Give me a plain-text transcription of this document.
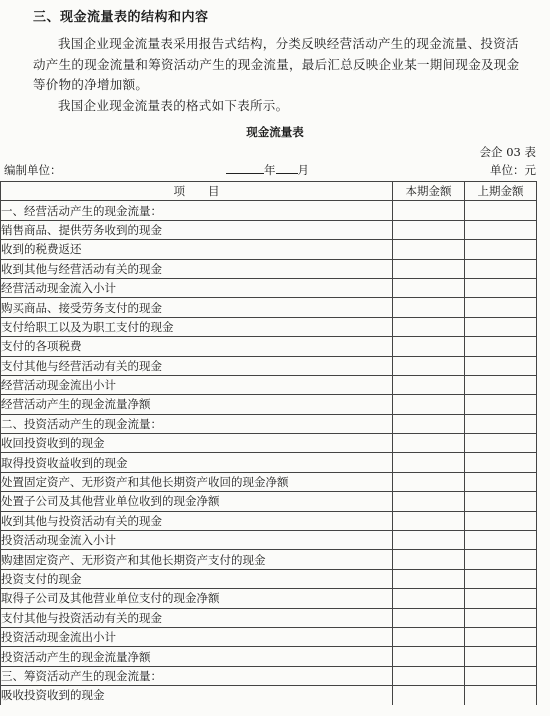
三、现金流量表的结构和内容
我国企业现金流量表采用报告式结构，分类反映经营活动产生的现金流量、投资活动产生的现金流量和筹资活动产生的现金流量，最后汇总反映企业某一期间现金及现金等价物的净增加额。
我国企业现金流量表的格式如下表所示。
现金流量表
会企 03 表
编制单位：	年 月	单位：元
项　　目	本期金额	上期金额
一、经营活动产生的现金流量：		
销售商品、提供劳务收到的现金		
收到的税费返还		
收到其他与经营活动有关的现金		
经营活动现金流入小计		
购买商品、接受劳务支付的现金		
支付给职工以及为职工支付的现金		
支付的各项税费		
支付其他与经营活动有关的现金		
经营活动现金流出小计		
经营活动产生的现金流量净额		
二、投资活动产生的现金流量：		
收回投资收到的现金		
取得投资收益收到的现金		
处置固定资产、无形资产和其他长期资产收回的现金净额		
处置子公司及其他营业单位收到的现金净额		
收到其他与投资活动有关的现金		
投资活动现金流入小计		
购建固定资产、无形资产和其他长期资产支付的现金		
投资支付的现金		
取得子公司及其他营业单位支付的现金净额		
支付其他与投资活动有关的现金		
投资活动现金流出小计		
投资活动产生的现金流量净额		
三、筹资活动产生的现金流量：		
吸收投资收到的现金		
